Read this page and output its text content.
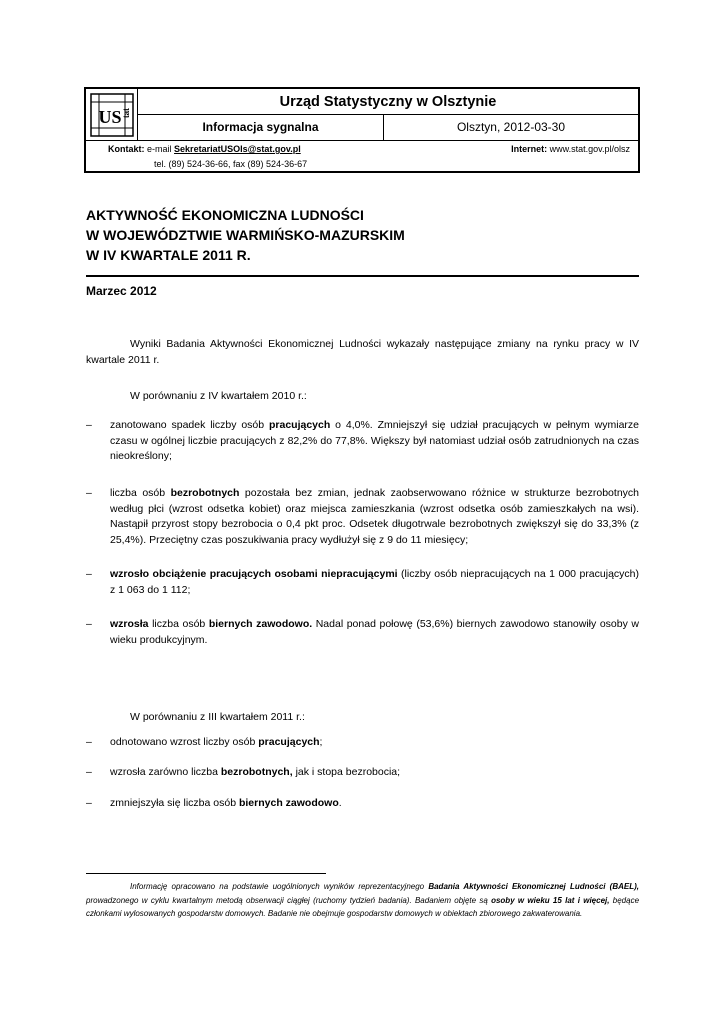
US tat
Urząd Statystyczny w Olsztynie
Informacja sygnalna	Olsztyn, 2012-03-30
Kontakt: e-mail SekretariatUSOls@stat.gov.pl	Internet: www.stat.gov.pl/olsz
tel. (89) 524-36-66, fax (89) 524-36-67
AKTYWNOŚĆ EKONOMICZNA LUDNOŚCI
W WOJEWÓDZTWIE WARMIŃSKO-MAZURSKIM
W IV KWARTALE 2011 R.
Marzec 2012
Wyniki Badania Aktywności Ekonomicznej Ludności wykazały następujące zmiany na rynku pracy w IV kwartale 2011 r.
W porównaniu z IV kwartałem 2010 r.:
–	zanotowano spadek liczby osób pracujących o 4,0%. Zmniejszył się udział pracujących w pełnym wymiarze czasu w ogólnej liczbie pracujących z 82,2% do 77,8%. Większy był natomiast udział osób zatrudnionych na czas nieokreślony;
–	liczba osób bezrobotnych pozostała bez zmian, jednak zaobserwowano różnice w strukturze bezrobotnych według płci (wzrost odsetka kobiet) oraz miejsca zamieszkania (wzrost odsetka osób zamieszkałych na wsi). Nastąpił przyrost stopy bezrobocia o 0,4 pkt proc. Odsetek długotrwale bezrobotnych zwiększył się do 33,3% (z 25,4%). Przeciętny czas poszukiwania pracy wydłużył się z 9 do 11 miesięcy;
–	wzrosło obciążenie pracujących osobami niepracującymi (liczby osób niepracujących na 1 000 pracujących) z 1 063 do 1 112;
–	wzrosła liczba osób biernych zawodowo. Nadal ponad połowę (53,6%) biernych zawodowo stanowiły osoby w wieku produkcyjnym.
W porównaniu z III kwartałem 2011 r.:
–	odnotowano wzrost liczby osób pracujących;
–	wzrosła zarówno liczba bezrobotnych, jak i stopa bezrobocia;
–	zmniejszyła się liczba osób biernych zawodowo.
Informację opracowano na podstawie uogólnionych wyników reprezentacyjnego Badania Aktywności Ekonomicznej Ludności (BAEL), prowadzonego w cyklu kwartalnym metodą obserwacji ciągłej (ruchomy tydzień badania). Badaniem objęte są osoby w wieku 15 lat i więcej, będące członkami wylosowanych gospodarstw domowych. Badanie nie obejmuje gospodarstw domowych w obiektach zbiorowego zakwaterowania.
